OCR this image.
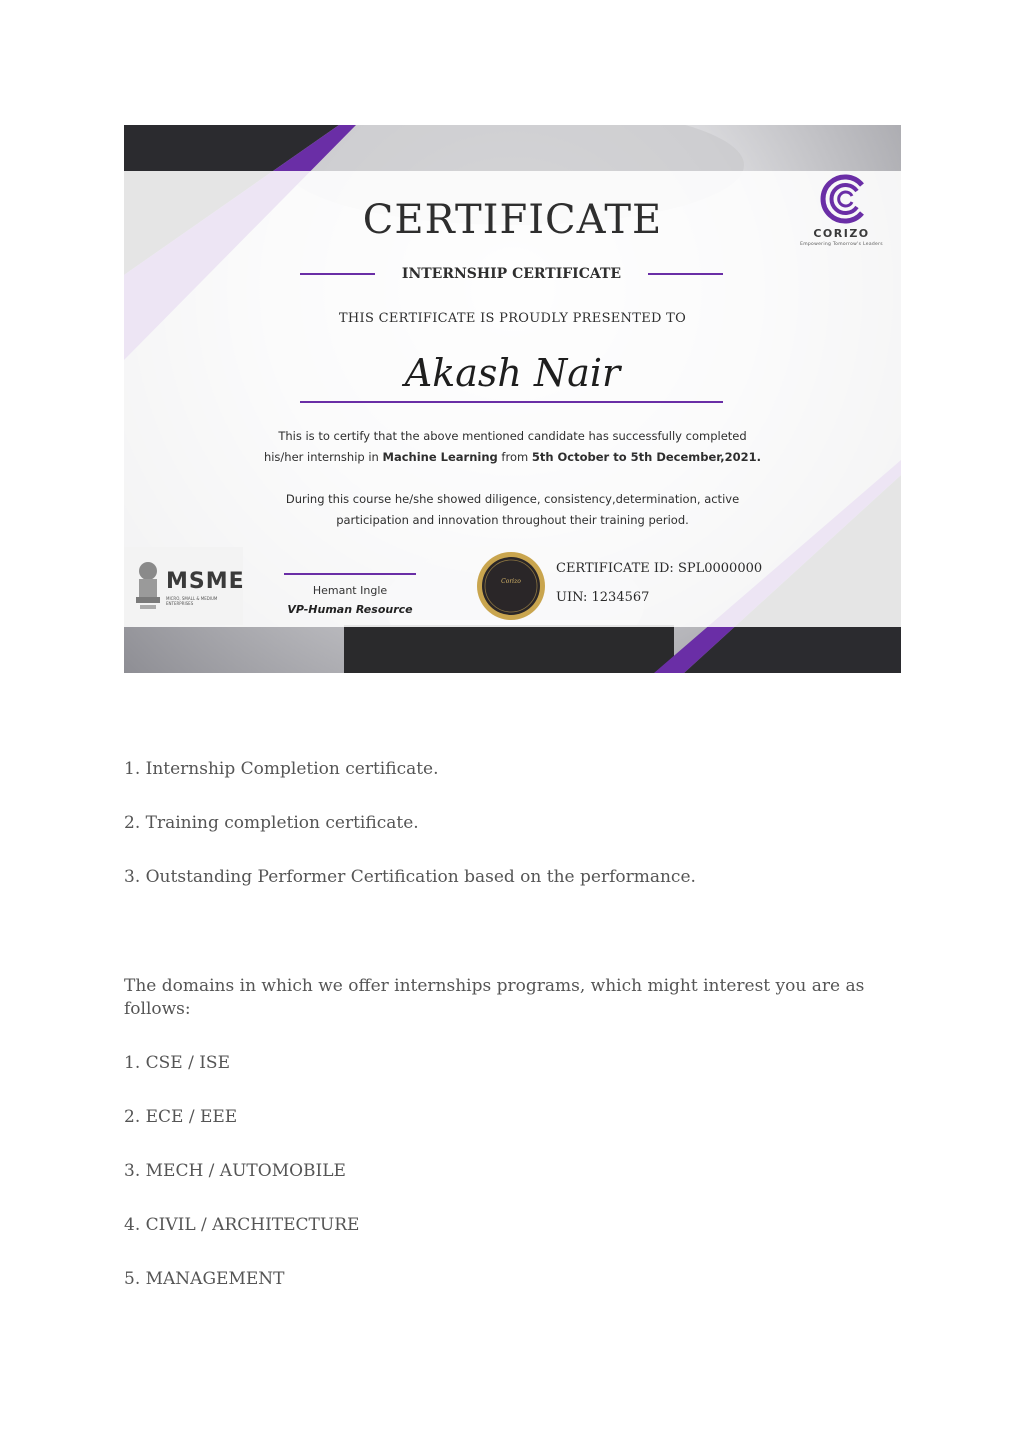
CORIZO
Empowering Tomorrow's Leaders
CERTIFICATE
INTERNSHIP CERTIFICATE
THIS CERTIFICATE IS PROUDLY PRESENTED TO
Akash Nair
This is to certify that the above mentioned candidate has successfully completed
his/her internship in Machine Learning from 5th October to 5th December,2021.
During this course he/she showed diligence, consistency,determination, active
participation and innovation throughout their training period.
MSME
MICRO, SMALL & MEDIUM ENTERPRISES
Hemant Ingle
VP-Human Resource
Corizo
CERTIFICATE ID: SPL0000000
UIN: 1234567
1. Internship Completion certificate.
2. Training completion certificate.
3. Outstanding Performer Certification based on the performance.
The domains in which we offer internships programs, which might interest you are as follows:
1. CSE / ISE
2. ECE / EEE
3. MECH / AUTOMOBILE
4. CIVIL / ARCHITECTURE
5. MANAGEMENT
